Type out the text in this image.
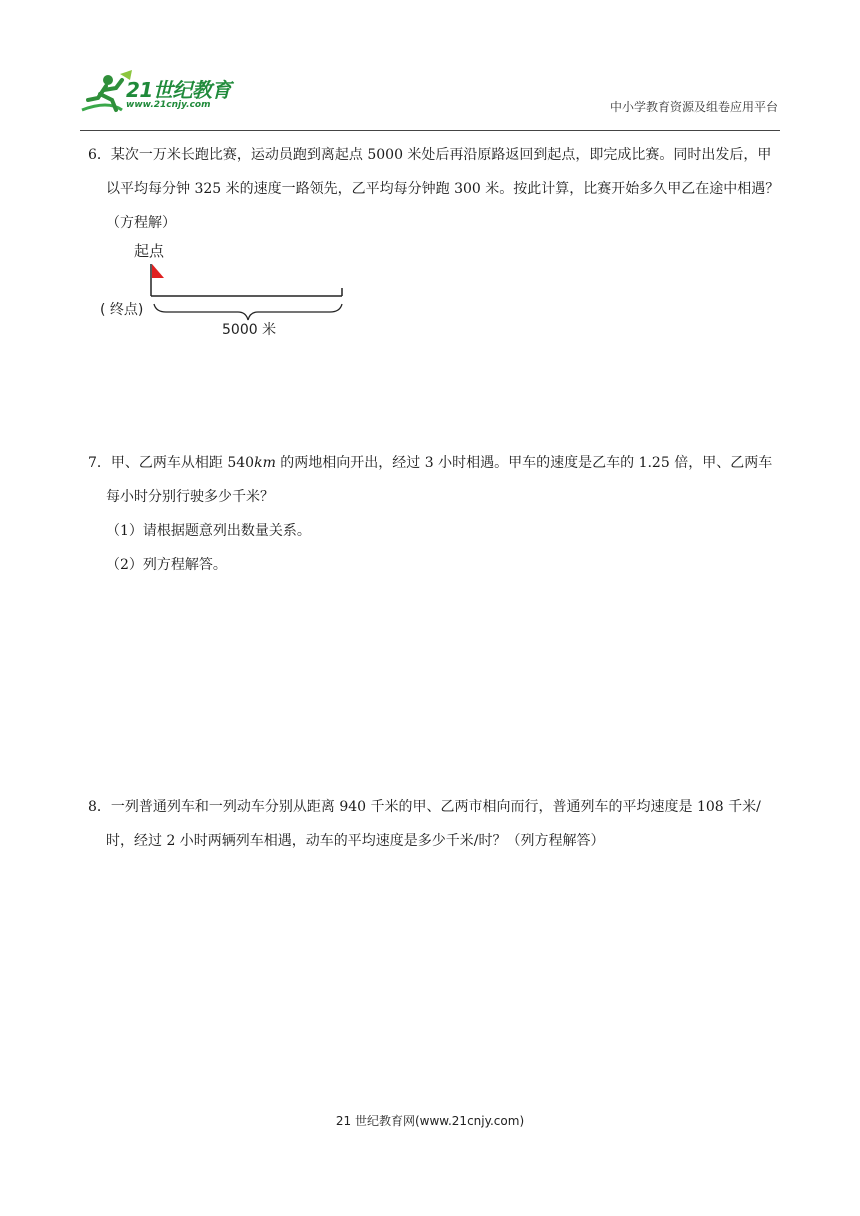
21世纪教育
www.21cnjy.com	中小学教育资源及组卷应用平台
6．某次一万米长跑比赛，运动员跑到离起点 5000 米处后再沿原路返回到起点，即完成比赛。同时出发后，甲以平均每分钟 325 米的速度一路领先，乙平均每分钟跑 300 米。按此计算，比赛开始多久甲乙在途中相遇？（方程解）
起点
( 终点)
5000 米
7．甲、乙两车从相距 540km 的两地相向开出，经过 3 小时相遇。甲车的速度是乙车的 1.25 倍，甲、乙两车每小时分别行驶多少千米？
（1）请根据题意列出数量关系。
（2）列方程解答。
8．一列普通列车和一列动车分别从距离 940 千米的甲、乙两市相向而行，普通列车的平均速度是 108 千米/时，经过 2 小时两辆列车相遇，动车的平均速度是多少千米/时？（列方程解答）
21 世纪教育网(www.21cnjy.com)
